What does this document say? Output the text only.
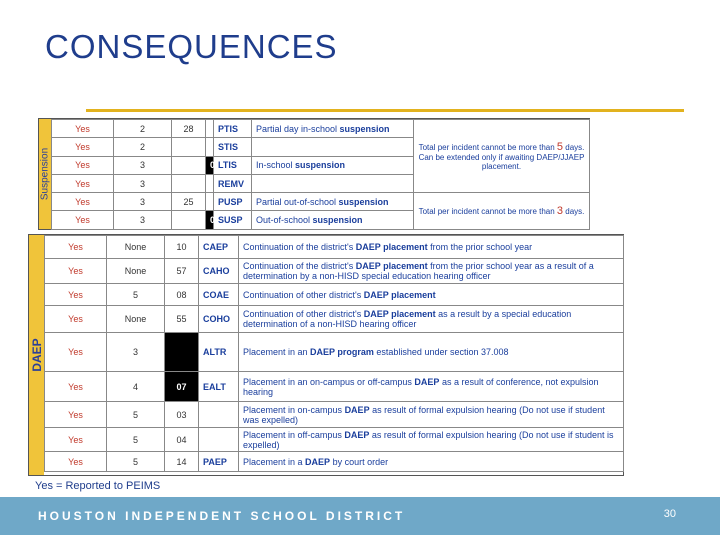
CONSEQUENCES
Suspension
Yes	2	28		PTIS	Partial day in-school suspension	Total per incident cannot be more than 5 days. Can be extended only if awaiting DAEP/JJAEP placement.
Yes	2			STIS		
Yes	3		06	LTIS	In-school suspension	
Yes	3			REMV		
Yes	3	25		PUSP	Partial out-of-school suspension	Total per incident cannot be more than 3 days.
Yes	3		05	SUSP	Out-of-school suspension	
DAEP
Yes	None	10	CAEP	Continuation of the district's DAEP placement from the prior school year
Yes	None	57	CAHO	Continuation of the district's DAEP placement from the prior school year as a result of a determination by a non-HISD special education hearing officer
Yes	5	08	COAE	Continuation of other district's DAEP placement
Yes	None	55	COHO	Continuation of other district's DAEP placement as a result by a special education determination of a non-HISD hearing officer
Yes	3		ALTR	Placement in an DAEP program established under section 37.008
Yes	4	07	EALT	Placement in an on-campus or off-campus DAEP as a result of conference, not expulsion hearing
Yes	5	03		Placement in on-campus DAEP as result of formal expulsion hearing (Do not use if student was expelled)
Yes	5	04		Placement in off-campus DAEP as result of formal expulsion hearing (Do not use if student is expelled)
Yes	5	14	PAEP	Placement in a DAEP by court order
Yes = Reported to PEIMS
HOUSTON INDEPENDENT SCHOOL DISTRICT	30
